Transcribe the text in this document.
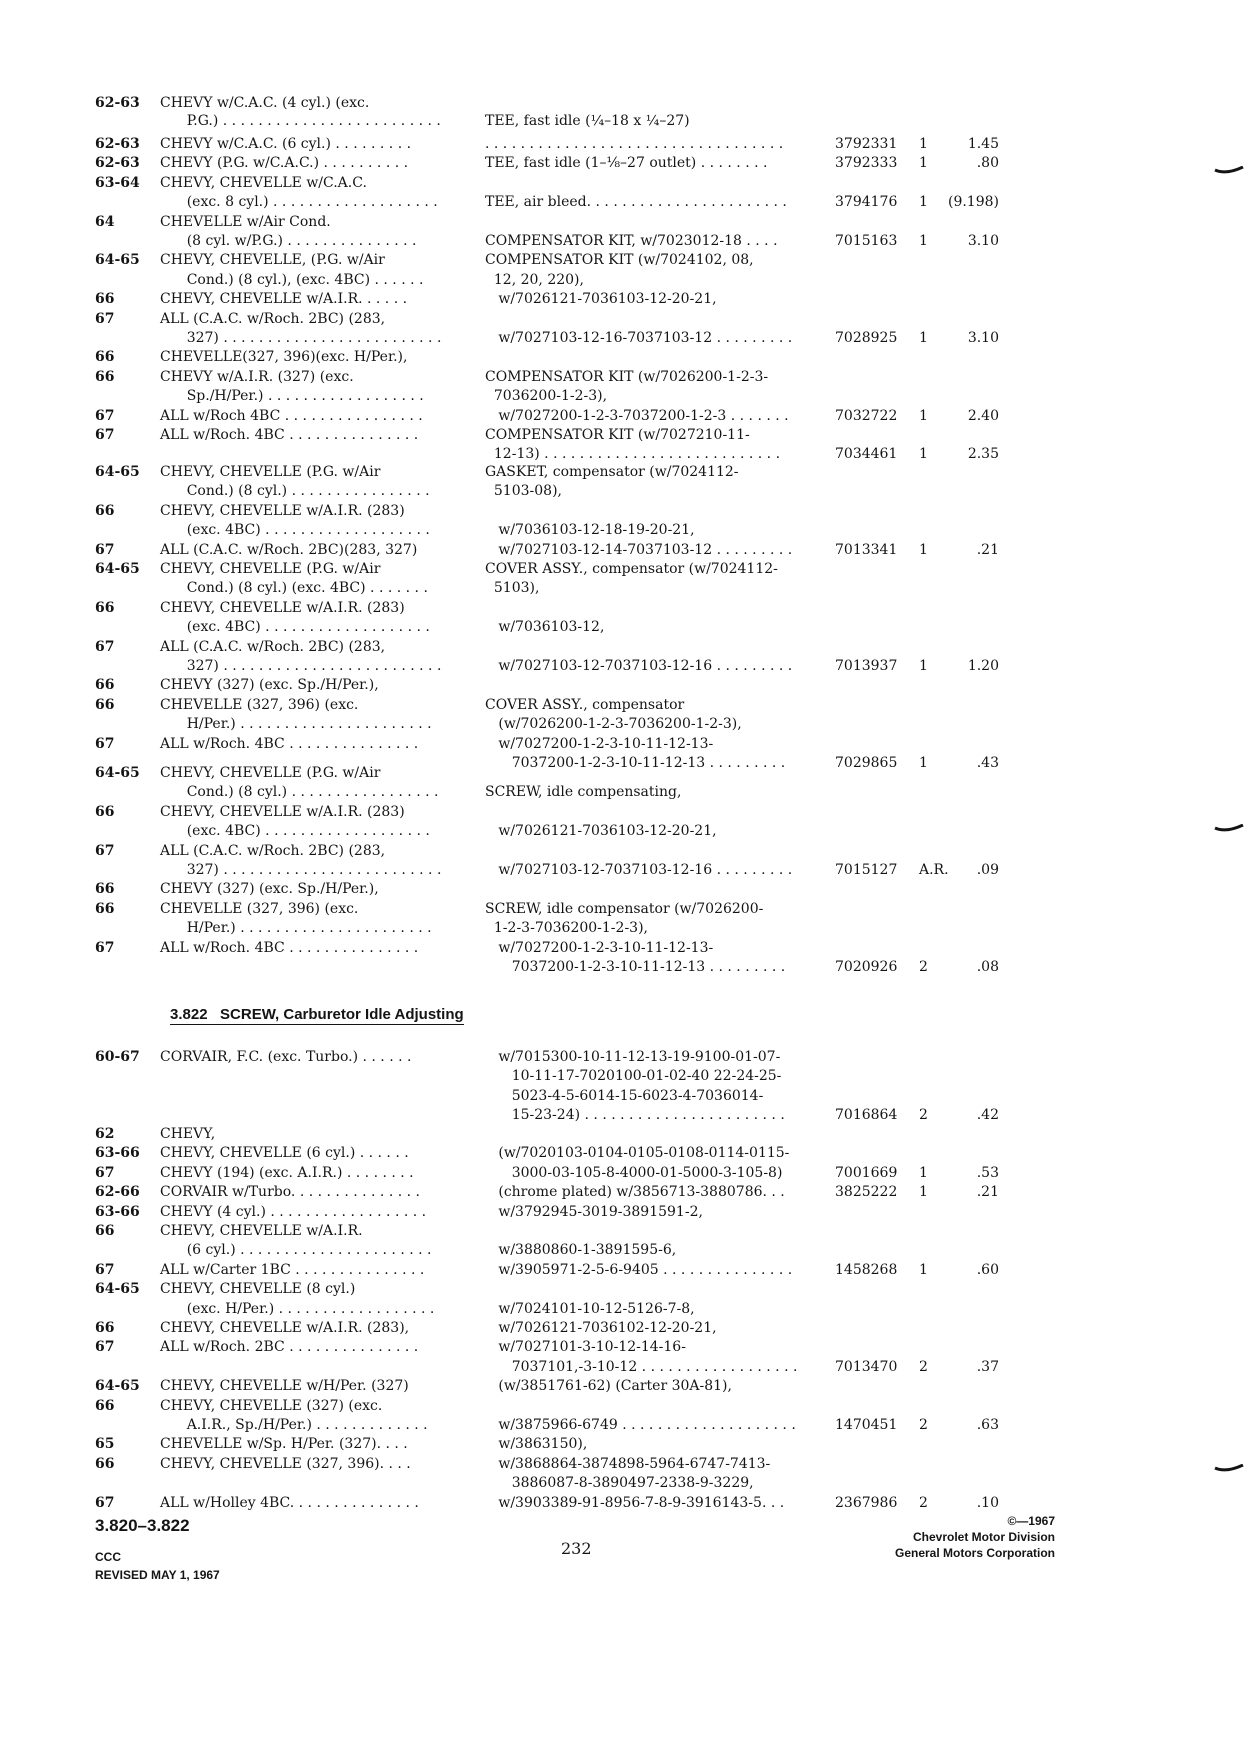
62-63 CHEVY w/C.A.C. (4 cyl.) (exc.
P.G.) . . . . . . . . . . . . . . . . . . . . . . . . .	TEE, fast idle (¼–18 x ¼–27)
62-63 CHEVY w/C.A.C. (6 cyl.) . . . . . . . . .	. . . . . . . . . . . . . . . . . . . . . . . . . . . . . . . . . .	3792331 1	1.45
62-63 CHEVY (P.G. w/C.A.C.) . . . . . . . . . .	TEE, fast idle (1–⅛–27 outlet) . . . . . . . .	3792333 1	.80
63-64 CHEVY, CHEVELLE w/C.A.C.
(exc. 8 cyl.) . . . . . . . . . . . . . . . . . . .	TEE, air bleed. . . . . . . . . . . . . . . . . . . . . . .	3794176 1 (9.198)
64	CHEVELLE w/Air Cond.
(8 cyl. w/P.G.) . . . . . . . . . . . . . . .	COMPENSATOR KIT, w/7023012-18 . . . .	7015163 1	3.10
64-65 CHEVY, CHEVELLE, (P.G. w/Air	COMPENSATOR KIT (w/7024102, 08,
Cond.) (8 cyl.), (exc. 4BC) . . . . . .	12, 20, 220),
66	CHEVY, CHEVELLE w/A.I.R. . . . . .	w/7026121-7036103-12-20-21,
67	ALL (C.A.C. w/Roch. 2BC) (283,
327) . . . . . . . . . . . . . . . . . . . . . . . . .	w/7027103-12-16-7037103-12 . . . . . . . . .	7028925 1	3.10
66	CHEVELLE(327, 396)(exc. H/Per.),
66	CHEVY w/A.I.R. (327) (exc.	COMPENSATOR KIT (w/7026200-1-2-3-
Sp./H/Per.) . . . . . . . . . . . . . . . . . .	7036200-1-2-3),
67	ALL w/Roch 4BC . . . . . . . . . . . . . . . .	w/7027200-1-2-3-7037200-1-2-3 . . . . . . .	7032722 1	2.40
67	ALL w/Roch. 4BC . . . . . . . . . . . . . . .	COMPENSATOR KIT (w/7027210-11-
12-13) . . . . . . . . . . . . . . . . . . . . . . . . . . .	7034461 1	2.35
64-65 CHEVY, CHEVELLE (P.G. w/Air	GASKET, compensator (w/7024112-
Cond.) (8 cyl.) . . . . . . . . . . . . . . . .	5103-08),
66	CHEVY, CHEVELLE w/A.I.R. (283)
(exc. 4BC) . . . . . . . . . . . . . . . . . . .	w/7036103-12-18-19-20-21,
67	ALL (C.A.C. w/Roch. 2BC)(283, 327)	w/7027103-12-14-7037103-12 . . . . . . . . .	7013341 1	.21
64-65 CHEVY, CHEVELLE (P.G. w/Air	COVER ASSY., compensator (w/7024112-
Cond.) (8 cyl.) (exc. 4BC) . . . . . . .	5103),
66	CHEVY, CHEVELLE w/A.I.R. (283)
(exc. 4BC) . . . . . . . . . . . . . . . . . . .	w/7036103-12,
67	ALL (C.A.C. w/Roch. 2BC) (283,
327) . . . . . . . . . . . . . . . . . . . . . . . . .	w/7027103-12-7037103-12-16 . . . . . . . . .	7013937 1	1.20
66	CHEVY (327) (exc. Sp./H/Per.),
66	CHEVELLE (327, 396) (exc.	COVER ASSY., compensator
H/Per.) . . . . . . . . . . . . . . . . . . . . . .	(w/7026200-1-2-3-7036200-1-2-3),
67	ALL w/Roch. 4BC . . . . . . . . . . . . . . .	w/7027200-1-2-3-10-11-12-13-
7037200-1-2-3-10-11-12-13 . . . . . . . . .	7029865 1	.43
64-65 CHEVY, CHEVELLE (P.G. w/Air
Cond.) (8 cyl.) . . . . . . . . . . . . . . . . .	SCREW, idle compensating,
66	CHEVY, CHEVELLE w/A.I.R. (283)
(exc. 4BC) . . . . . . . . . . . . . . . . . . .	w/7026121-7036103-12-20-21,
67	ALL (C.A.C. w/Roch. 2BC) (283,
327) . . . . . . . . . . . . . . . . . . . . . . . . .	w/7027103-12-7037103-12-16 . . . . . . . . .	7015127 A.R. .09
66	CHEVY (327) (exc. Sp./H/Per.),
66	CHEVELLE (327, 396) (exc.	SCREW, idle compensator (w/7026200-
H/Per.) . . . . . . . . . . . . . . . . . . . . . .	1-2-3-7036200-1-2-3),
67	ALL w/Roch. 4BC . . . . . . . . . . . . . . .	w/7027200-1-2-3-10-11-12-13-
7037200-1-2-3-10-11-12-13 . . . . . . . . .	7020926 2	.08
60-67 CORVAIR, F.C. (exc. Turbo.) . . . . . .	w/7015300-10-11-12-13-19-9100-01-07-
10-11-17-7020100-01-02-40 22-24-25-
5023-4-5-6014-15-6023-4-7036014-
15-23-24) . . . . . . . . . . . . . . . . . . . . . . .	7016864 2	.42
62	CHEVY,
63-66 CHEVY, CHEVELLE (6 cyl.) . . . . . .	(w/7020103-0104-0105-0108-0114-0115-
67	CHEVY (194) (exc. A.I.R.) . . . . . . . .	3000-03-105-8-4000-01-5000-3-105-8)	7001669 1	.53
62-66 CORVAIR w/Turbo. . . . . . . . . . . . . . .	(chrome plated) w/3856713-3880786. . .	3825222 1	.21
63-66 CHEVY (4 cyl.) . . . . . . . . . . . . . . . . . .	w/3792945-3019-3891591-2,
66	CHEVY, CHEVELLE w/A.I.R.
(6 cyl.) . . . . . . . . . . . . . . . . . . . . . .	w/3880860-1-3891595-6,
67	ALL w/Carter 1BC . . . . . . . . . . . . . . .	w/3905971-2-5-6-9405 . . . . . . . . . . . . . . .	1458268 1	.60
64-65 CHEVY, CHEVELLE (8 cyl.)
(exc. H/Per.) . . . . . . . . . . . . . . . . . .	w/7024101-10-12-5126-7-8,
66	CHEVY, CHEVELLE w/A.I.R. (283),	w/7026121-7036102-12-20-21,
67	ALL w/Roch. 2BC . . . . . . . . . . . . . . .	w/7027101-3-10-12-14-16-
7037101,-3-10-12 . . . . . . . . . . . . . . . . . .	7013470 2	.37
64-65 CHEVY, CHEVELLE w/H/Per. (327)	(w/3851761-62) (Carter 30A-81),
66	CHEVY, CHEVELLE (327) (exc.
A.I.R., Sp./H/Per.) . . . . . . . . . . . . .	w/3875966-6749 . . . . . . . . . . . . . . . . . . . .	1470451 2	.63
65	CHEVELLE w/Sp. H/Per. (327). . . .	w/3863150),
66	CHEVY, CHEVELLE (327, 396). . . .	w/3868864-3874898-5964-6747-7413-
3886087-8-3890497-2338-9-3229,
67	ALL w/Holley 4BC. . . . . . . . . . . . . . .	w/3903389-91-8956-7-8-9-3916143-5. . .	2367986 2	.10
3.822   SCREW, Carburetor Idle Adjusting
3.820–3.822
CCC
REVISED MAY 1, 1967
232
©—1967
Chevrolet Motor Division
General Motors Corporation
